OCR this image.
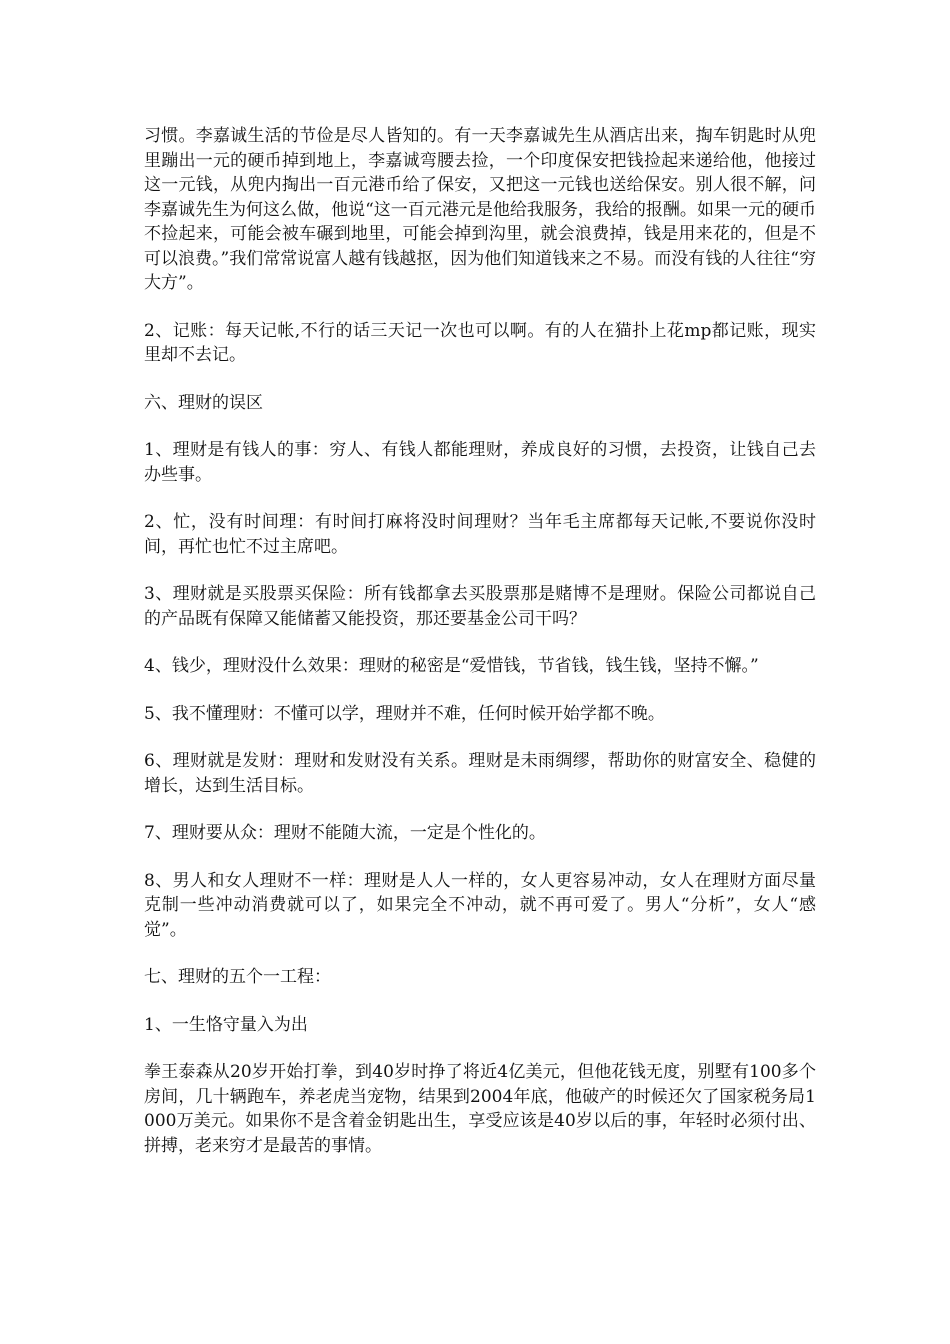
习惯。李嘉诚生活的节俭是尽人皆知的。有一天李嘉诚先生从酒店出来，掏车钥匙时从兜里蹦出一元的硬币掉到地上，李嘉诚弯腰去捡，一个印度保安把钱捡起来递给他，他接过这一元钱，从兜内掏出一百元港币给了保安，又把这一元钱也送给保安。别人很不解，问李嘉诚先生为何这么做，他说“这一百元港元是他给我服务，我给的报酬。如果一元的硬币不捡起来，可能会被车碾到地里，可能会掉到沟里，就会浪费掉，钱是用来花的，但是不可以浪费。”我们常常说富人越有钱越抠，因为他们知道钱来之不易。而没有钱的人往往“穷大方”。

2、记账：每天记帐,不行的话三天记一次也可以啊。有的人在猫扑上花mp都记账，现实里却不去记。

六、理财的误区

1、理财是有钱人的事：穷人、有钱人都能理财，养成良好的习惯，去投资，让钱自己去办些事。

2、忙，没有时间理：有时间打麻将没时间理财？当年毛主席都每天记帐,不要说你没时间，再忙也忙不过主席吧。

3、理财就是买股票买保险：所有钱都拿去买股票那是赌博不是理财。保险公司都说自己的产品既有保障又能储蓄又能投资，那还要基金公司干吗？

4、钱少，理财没什么效果：理财的秘密是“爱惜钱，节省钱，钱生钱，坚持不懈。”

5、我不懂理财：不懂可以学，理财并不难，任何时候开始学都不晚。

6、理财就是发财：理财和发财没有关系。理财是未雨绸缪，帮助你的财富安全、稳健的增长，达到生活目标。

7、理财要从众：理财不能随大流，一定是个性化的。

8、男人和女人理财不一样：理财是人人一样的，女人更容易冲动，女人在理财方面尽量克制一些冲动消费就可以了，如果完全不冲动，就不再可爱了。男人“分析”，女人“感觉”。

七、理财的五个一工程：

1、一生恪守量入为出

拳王泰森从20岁开始打拳，到40岁时挣了将近4亿美元，但他花钱无度，别墅有100多个房间，几十辆跑车，养老虎当宠物，结果到2004年底，他破产的时候还欠了国家税务局1000万美元。如果你不是含着金钥匙出生，享受应该是40岁以后的事，年轻时必须付出、拼搏，老来穷才是最苦的事情。
